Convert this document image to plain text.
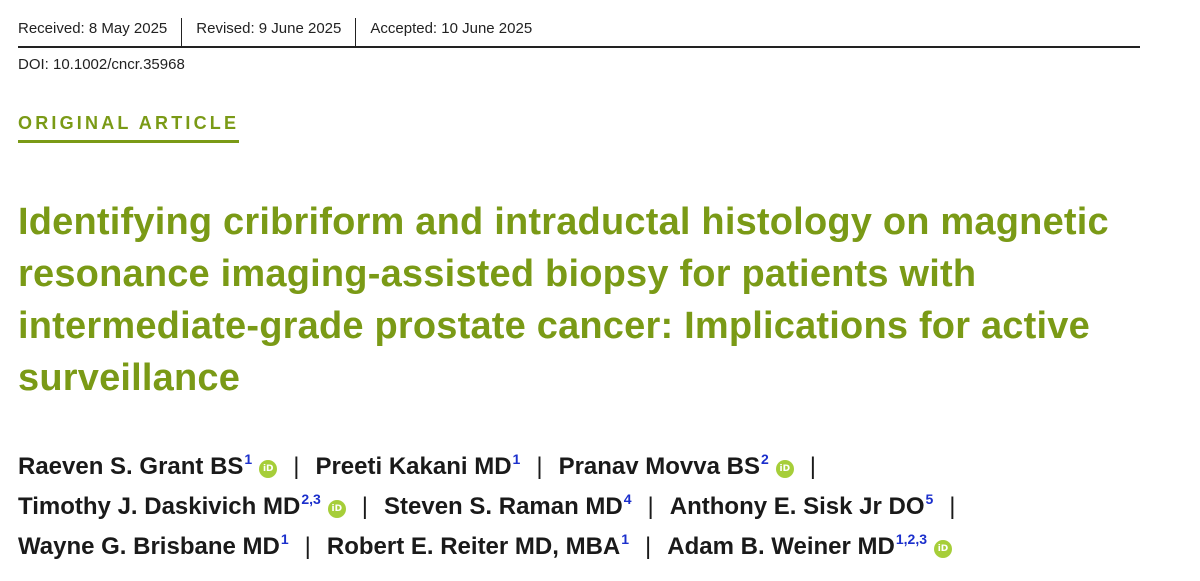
Received: 8 May 2025	Revised: 9 June 2025	Accepted: 10 June 2025
DOI: 10.1002/cncr.35968
ORIGINAL ARTICLE
Identifying cribriform and intraductal histology on magnetic resonance imaging-assisted biopsy for patients with intermediate-grade prostate cancer: Implications for active surveillance
Raeven S. Grant $BS^1iD$ | Preeti Kakani $MD^1$ | Pranav Movva $BS^2iD$ |
Timothy J. Daskivich MD$^{2,3}$iD | Steven S. Raman $MD^4$ | Anthony E. Sisk Jr $DO^5$ |
Wayne G. Brisbane $MD^1$ | Robert E. Reiter MD, MBA$^1$ | Adam B. Weiner MD$^{1,2,3}$iD
